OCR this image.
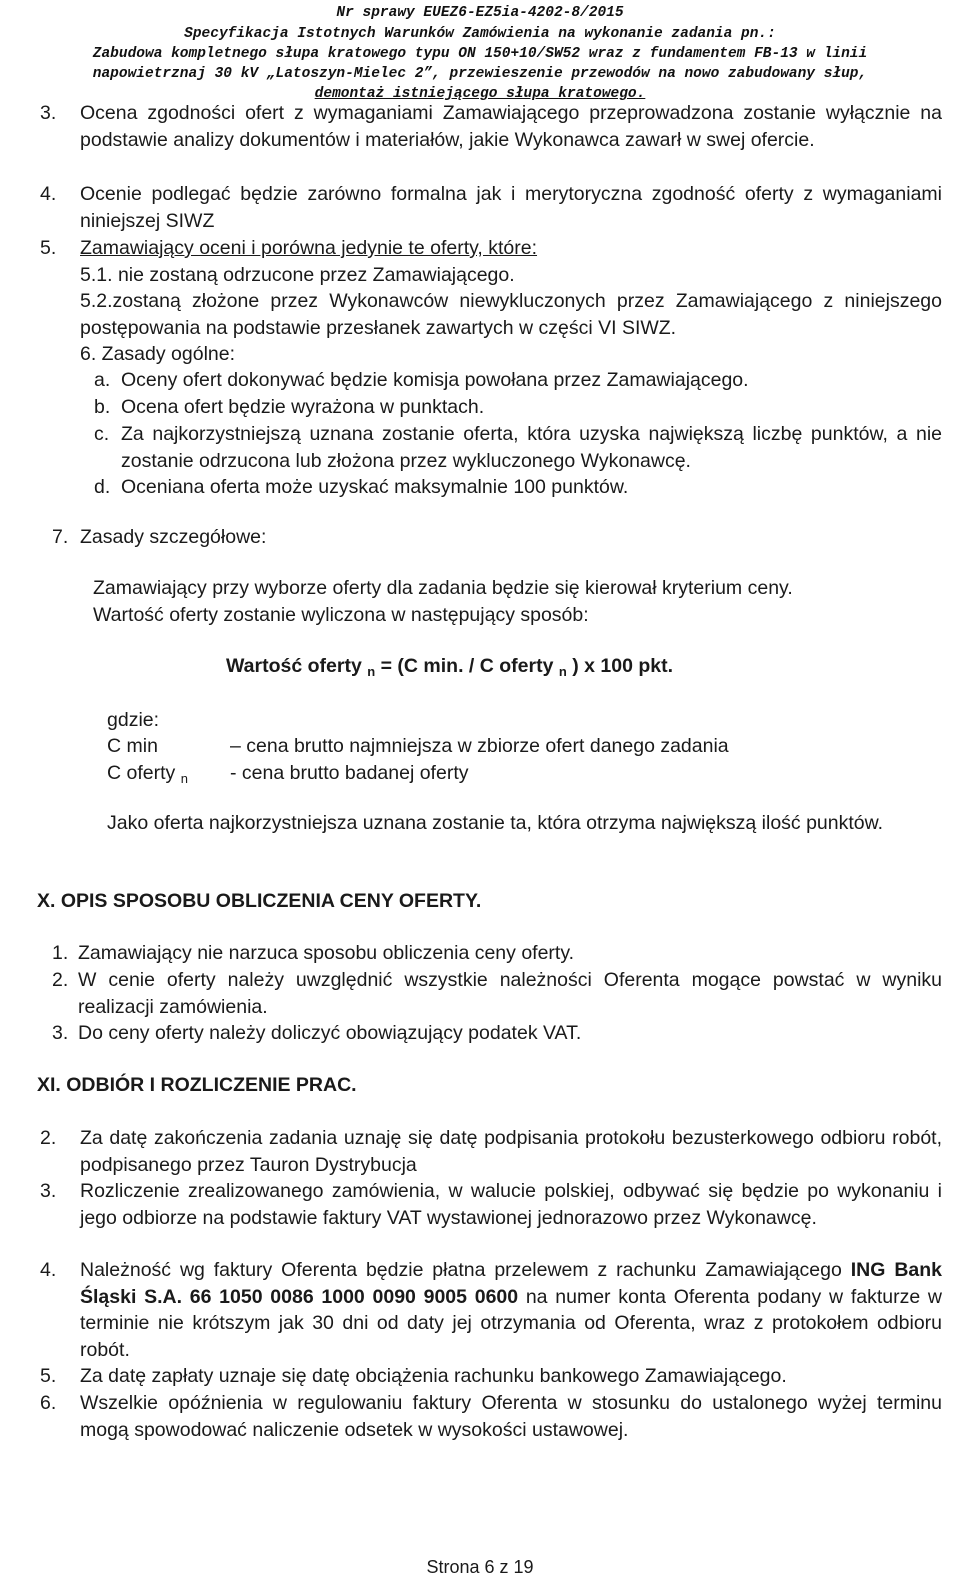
Nr sprawy EUEZ6-EZ5ia-4202-8/2015
Specyfikacja Istotnych Warunków Zamówienia na wykonanie zadania pn.:
Zabudowa kompletnego słupa kratowego typu ON 150+10/SW52 wraz z fundamentem FB-13 w linii
napowietrznaj 30 kV „Latoszyn-Mielec 2”, przewieszenie przewodów na nowo zabudowany słup,
demontaż istniejącego słupa kratowego.
3. Ocena zgodności ofert z wymaganiami Zamawiającego przeprowadzona zostanie wyłącznie na podstawie analizy dokumentów i materiałów, jakie Wykonawca zawarł w swej ofercie.
4. Ocenie podlegać będzie zarówno formalna jak i merytoryczna zgodność oferty z wymaganiami niniejszej SIWZ
5. Zamawiający oceni i porówna jedynie te oferty, które:
5.1. nie zostaną odrzucone przez Zamawiającego.
5.2.zostaną złożone przez Wykonawców niewykluczonych przez Zamawiającego z niniejszego postępowania na podstawie przesłanek zawartych w części VI SIWZ.
6. Zasady ogólne:
a. Oceny ofert dokonywać będzie komisja powołana przez Zamawiającego.
b. Ocena ofert będzie wyrażona w punktach.
c. Za najkorzystniejszą uznana zostanie oferta, która uzyska największą liczbę punktów, a nie zostanie odrzucona lub złożona przez wykluczonego Wykonawcę.
d. Oceniana oferta może uzyskać maksymalnie 100 punktów.
7. Zasady szczegółowe:
Zamawiający przy wyborze oferty dla zadania będzie się kierował kryterium ceny.
Wartość oferty zostanie wyliczona w następujący sposób:
Wartość oferty $_n$ = (C min. / C oferty $_n$ ) x 100 pkt.
gdzie:
C min	– cena brutto najmniejsza w zbiorze ofert danego zadania
C oferty $_n$ - cena brutto badanej oferty
Jako oferta najkorzystniejsza uznana zostanie ta, która otrzyma największą ilość punktów.
X. OPIS SPOSOBU OBLICZENIA CENY OFERTY.
1. Zamawiający nie narzuca sposobu obliczenia ceny oferty.
2. W cenie oferty należy uwzględnić wszystkie należności Oferenta mogące powstać w wyniku realizacji zamówienia.
3. Do ceny oferty należy doliczyć obowiązujący podatek VAT.
XI. ODBIÓR I ROZLICZENIE PRAC.
2. Za datę zakończenia zadania uznaję się datę podpisania protokołu bezusterkowego odbioru robót, podpisanego przez Tauron Dystrybucja
3. Rozliczenie zrealizowanego zamówienia, w walucie polskiej, odbywać się będzie po wykonaniu i jego odbiorze na podstawie faktury VAT wystawionej jednorazowo przez Wykonawcę.
4. Należność wg faktury Oferenta będzie płatna przelewem z rachunku Zamawiającego ING Bank Śląski S.A. 66 1050 0086 1000 0090 9005 0600 na numer konta Oferenta podany w fakturze w terminie nie krótszym jak 30 dni od daty jej otrzymania od Oferenta, wraz z protokołem odbioru robót.
5. Za datę zapłaty uznaje się datę obciążenia rachunku bankowego Zamawiającego.
6. Wszelkie opóźnienia w regulowaniu faktury Oferenta w stosunku do ustalonego wyżej terminu mogą spowodować naliczenie odsetek w wysokości ustawowej.
Strona 6 z 19
